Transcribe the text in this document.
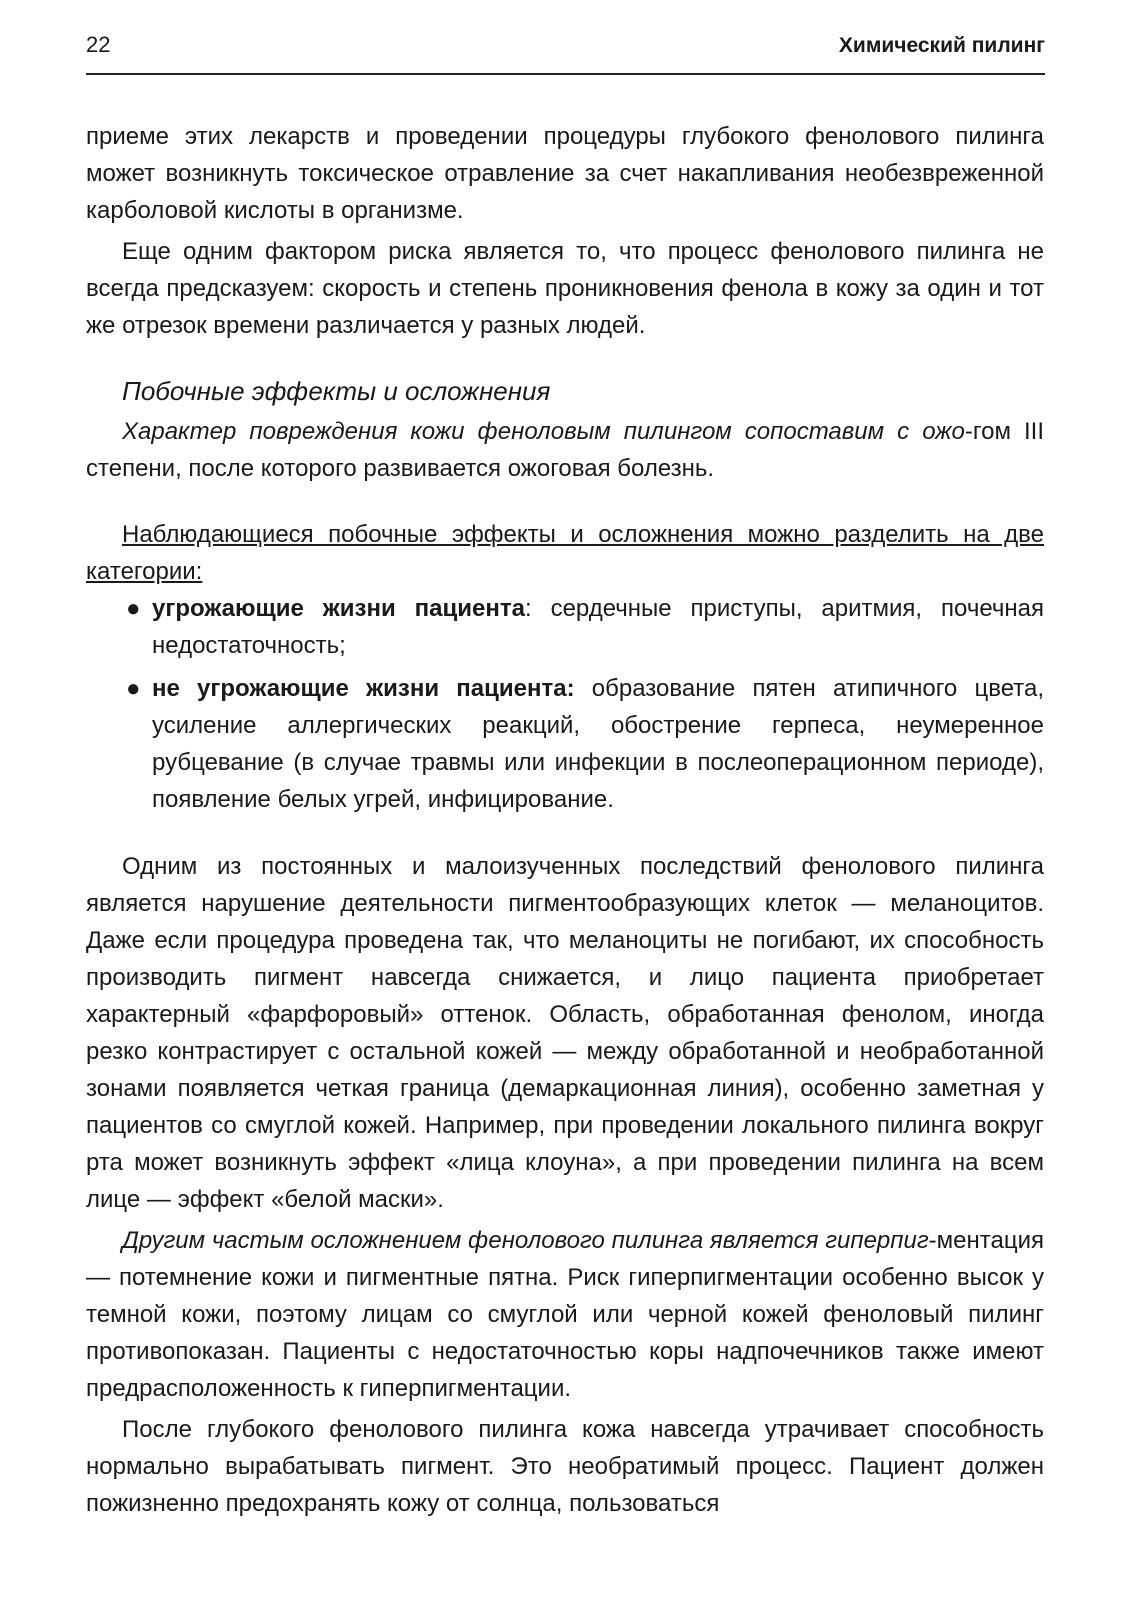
22	Химический пилинг

приеме этих лекарств и проведении процедуры глубокого фенолового пилинга может возникнуть токсическое отравление за счет накапливания необезвреженной карболовой кислоты в организме.

Еще одним фактором риска является то, что процесс фенолового пилинга не всегда предсказуем: скорость и степень проникновения фенола в кожу за один и тот же отрезок времени различается у разных людей.

Побочные эффекты и осложнения

Характер повреждения кожи феноловым пилингом сопоставим с ожо-гом III степени, после которого развивается ожоговая болезнь.

Наблюдающиеся побочные эффекты и осложнения можно разделить на две категории:

● угрожающие жизни пациента: сердечные приступы, аритмия, почечная недостаточность;
● не угрожающие жизни пациента: образование пятен атипичного цвета, усиление аллергических реакций, обострение герпеса, неумеренное рубцевание (в случае травмы или инфекции в послеоперационном периоде), появление белых угрей, инфицирование.

Одним из постоянных и малоизученных последствий фенолового пилинга является нарушение деятельности пигментообразующих клеток — меланоцитов. Даже если процедура проведена так, что меланоциты не погибают, их способность производить пигмент навсегда снижается, и лицо пациента приобретает характерный «фарфоровый» оттенок. Область, обработанная фенолом, иногда резко контрастирует с остальной кожей — между обработанной и необработанной зонами появляется четкая граница (демаркационная линия), особенно заметная у пациентов со смуглой кожей. Например, при проведении локального пилинга вокруг рта может возникнуть эффект «лица клоуна», а при проведении пилинга на всем лице — эффект «белой маски».

Другим частым осложнением фенолового пилинга является гиперпиг-ментация — потемнение кожи и пигментные пятна. Риск гиперпигментации особенно высок у темной кожи, поэтому лицам со смуглой или черной кожей феноловый пилинг противопоказан. Пациенты с недостаточностью коры надпочечников также имеют предрасположенность к гиперпигментации.

После глубокого фенолового пилинга кожа навсегда утрачивает способность нормально вырабатывать пигмент. Это необратимый процесс. Пациент должен пожизненно предохранять кожу от солнца, пользоваться
